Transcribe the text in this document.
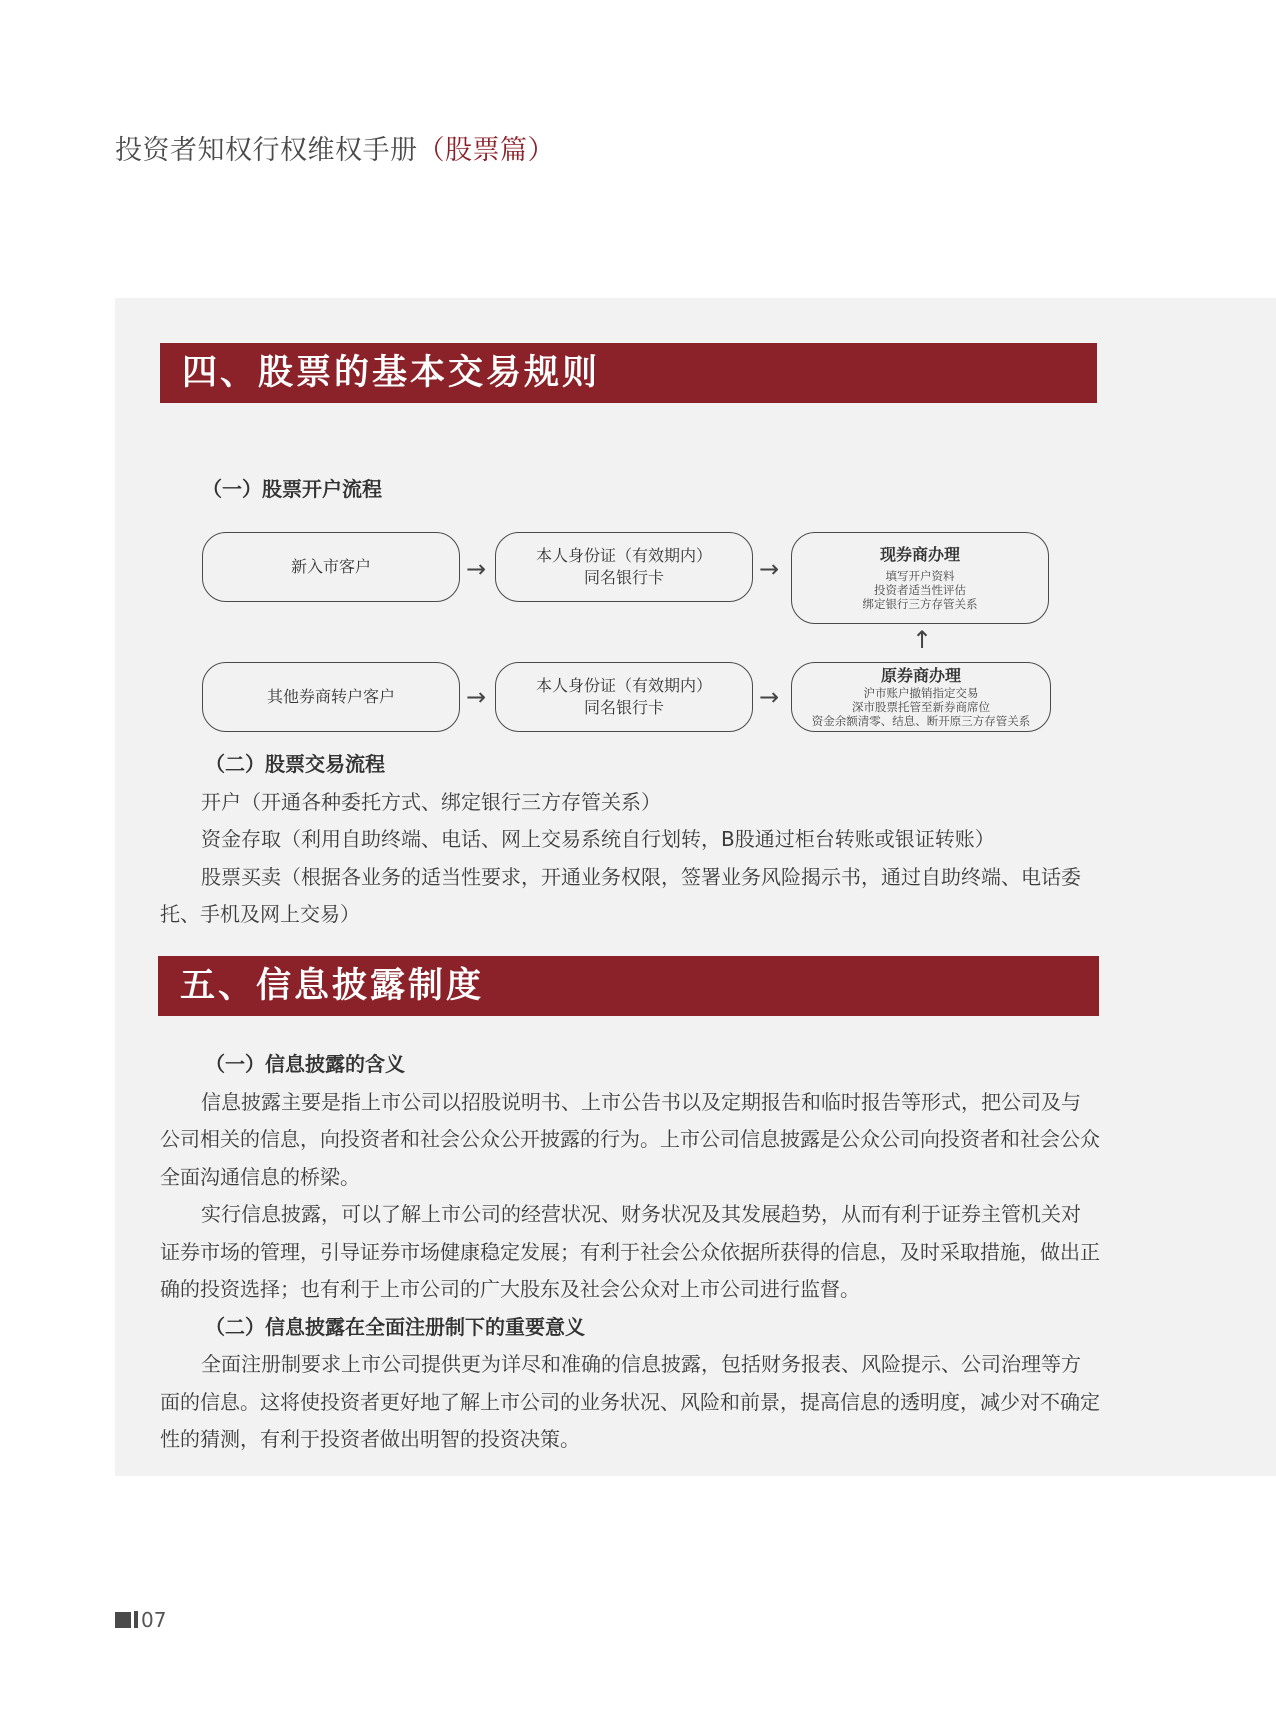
投资者知权行权维权手册（股票篇）
四、股票的基本交易规则
（一）股票开户流程
新入市客户	→	本人身份证（有效期内）
同名银行卡	→
现券商办理
填写开户资料
投资者适当性评估
绑定银行三方存管关系
↑
其他券商转户客户	→	本人身份证（有效期内）
同名银行卡	→
原券商办理
沪市账户撤销指定交易
深市股票托管至新券商席位
资金余额清零、结息、断开原三方存管关系

（二）股票交易流程

开户（开通各种委托方式、绑定银行三方存管关系）

资金存取（利用自助终端、电话、网上交易系统自行划转，B股通过柜台转账或银证转账）

股票买卖（根据各业务的适当性要求，开通业务权限，签署业务风险揭示书，通过自助终端、电话委托、手机及网上交易）

五、信息披露制度

（一）信息披露的含义

信息披露主要是指上市公司以招股说明书、上市公告书以及定期报告和临时报告等形式，把公司及与公司相关的信息，向投资者和社会公众公开披露的行为。上市公司信息披露是公众公司向投资者和社会公众全面沟通信息的桥梁。

实行信息披露，可以了解上市公司的经营状况、财务状况及其发展趋势，从而有利于证券主管机关对证券市场的管理，引导证券市场健康稳定发展；有利于社会公众依据所获得的信息，及时采取措施，做出正确的投资选择；也有利于上市公司的广大股东及社会公众对上市公司进行监督。

（二）信息披露在全面注册制下的重要意义

全面注册制要求上市公司提供更为详尽和准确的信息披露，包括财务报表、风险提示、公司治理等方面的信息。这将使投资者更好地了解上市公司的业务状况、风险和前景，提高信息的透明度，减少对不确定性的猜测，有利于投资者做出明智的投资决策。

07
